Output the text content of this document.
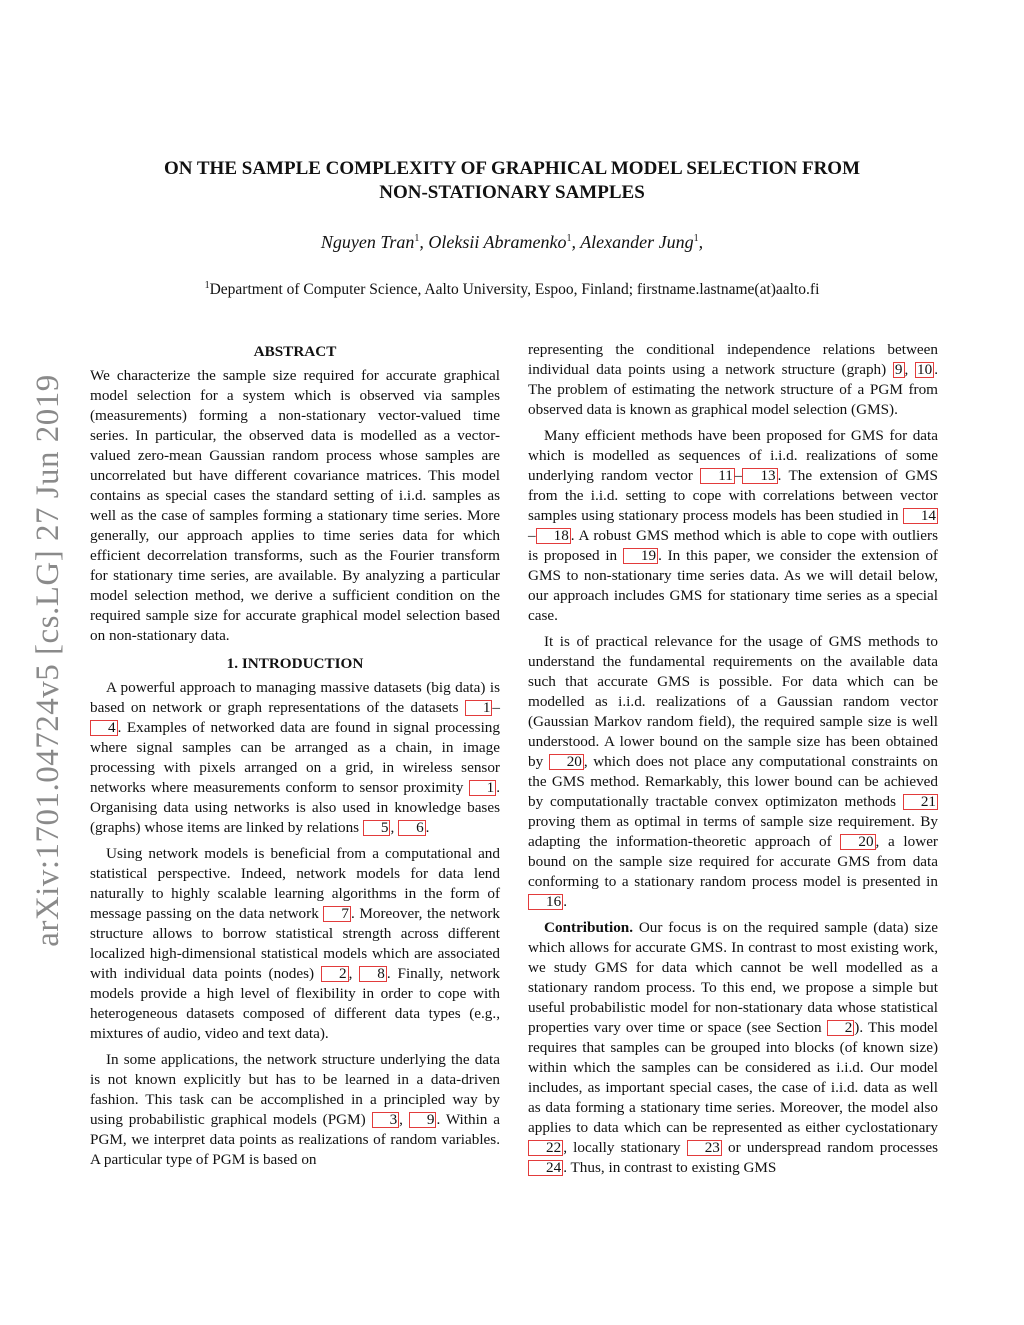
arXiv:1701.04724v5 [cs.LG] 27 Jun 2019
ON THE SAMPLE COMPLEXITY OF GRAPHICAL MODEL SELECTION FROM
NON-STATIONARY SAMPLES
Nguyen Tran$^1$, Oleksii Abramenko$^1$, Alexander Jung$^1$,
$^1$Department of Computer Science, Aalto University, Espoo, Finland; firstname.lastname(at)aalto.fi
ABSTRACT

We characterize the sample size required for accurate graphical model selection for a system which is observed via samples (measurements) forming a non-stationary vector-valued time series. In particular, the observed data is modelled as a vector-valued zero-mean Gaussian random process whose samples are uncorrelated but have different covariance matrices. This model contains as special cases the standard setting of i.i.d. samples as well as the case of samples forming a stationary time series. More generally, our approach applies to time series data for which efficient decorrelation transforms, such as the Fourier transform for stationary time series, are available. By analyzing a particular model selection method, we derive a sufficient condition on the required sample size for accurate graphical model selection based on non-stationary data.

1. INTRODUCTION

A powerful approach to managing massive datasets (big data) is based on network or graph representations of the datasets 1 –4 . Examples of networked data are found in signal processing where signal samples can be arranged as a chain, in image processing with pixels arranged on a grid, in wireless sensor networks where measurements conform to sensor proximity 1 . Organising data using networks is also used in knowledge bases (graphs) whose items are linked by relations 5 , 6 .

Using network models is beneficial from a computational and statistical perspective. Indeed, network models for data lend naturally to highly scalable learning algorithms in the form of message passing on the data network 7 . Moreover, the network structure allows to borrow statistical strength across different localized high-dimensional statistical models which are associated with individual data points (nodes) 2 , 8 . Finally, network models provide a high level of flexibility in order to cope with heterogeneous datasets composed of different data types (e.g., mixtures of audio, video and text data).

In some applications, the network structure underlying the data is not known explicitly but has to be learned in a data-driven fashion. This task can be accomplished in a principled way by using probabilistic graphical models (PGM) 3 , 9 . Within a PGM, we interpret data points as realizations of random variables. A particular type of PGM is based on

representing the conditional independence relations between individual data points using a network structure (graph) 9 , 10 . The problem of estimating the network structure of a PGM from observed data is known as graphical model selection (GMS).

Many efficient methods have been proposed for GMS for data which is modelled as sequences of i.i.d. realizations of some underlying random vector 11 – 13 . The extension of GMS from the i.i.d. setting to cope with correlations between vector samples using stationary process models has been studied in 14– 18 . A robust GMS method which is able to cope with outliers is proposed in 19 . In this paper, we consider the extension of GMS to non-stationary time series data. As we will detail below, our approach includes GMS for stationary time series as a special case.

It is of practical relevance for the usage of GMS methods to understand the fundamental requirements on the available data such that accurate GMS is possible. For data which can be modelled as i.i.d. realizations of a Gaussian random vector (Gaussian Markov random field), the required sample size is well understood. A lower bound on the sample size has been obtained by 20 , which does not place any computational constraints on the GMS method. Remarkably, this lower bound can be achieved by computationally tractable convex optimizaton methods 21 proving them as optimal in terms of sample size requirement. By adapting the information-theoretic approach of 20 , a lower bound on the sample size required for accurate GMS from data conforming to a stationary random process model is presented in 16 .

Contribution. Our focus is on the required sample (data) size which allows for accurate GMS. In contrast to most existing work, we study GMS for data which cannot be well modelled as a stationary random process. To this end, we propose a simple but useful probabilistic model for non-stationary data whose statistical properties vary over time or space (see Section 2 ). This model requires that samples can be grouped into blocks (of known size) within which the samples can be considered as i.i.d. Our model includes, as important special cases, the case of i.i.d. data as well as data forming a stationary time series. Moreover, the model also applies to data which can be represented as either cyclostationary 22 , locally stationary 23 or underspread random processes 24 . Thus, in contrast to existing GMS
